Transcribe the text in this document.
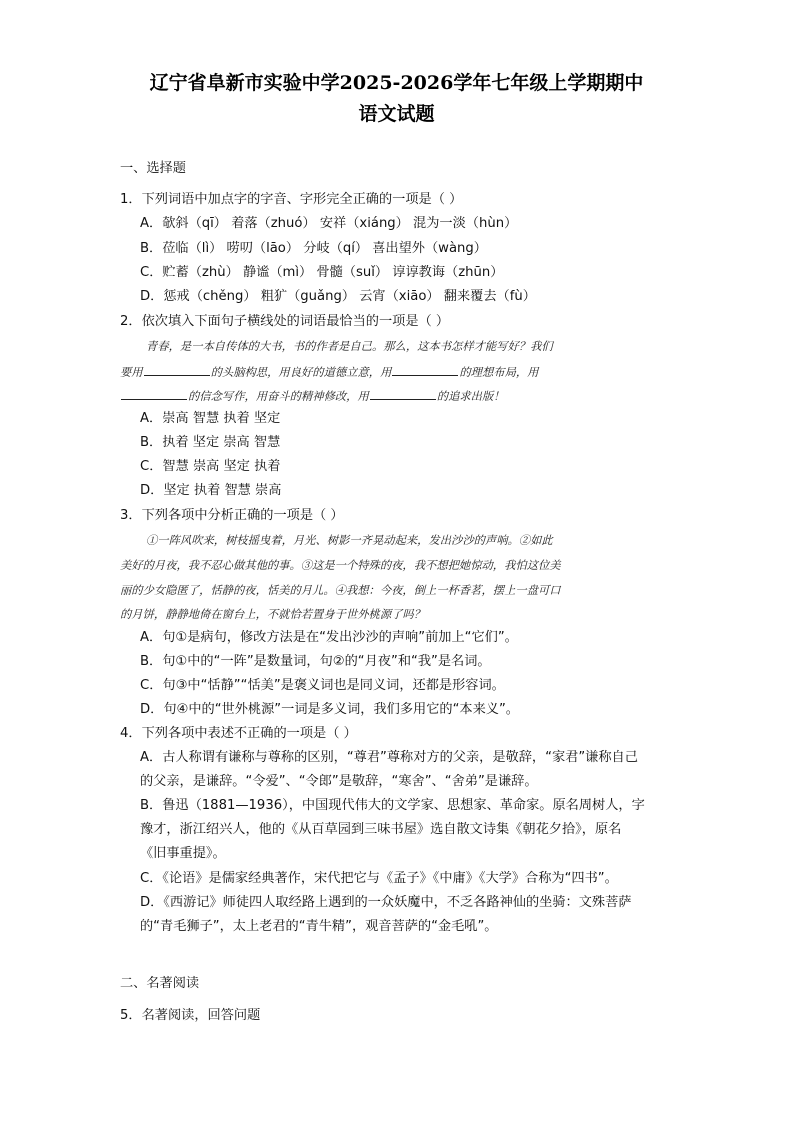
辽宁省阜新市实验中学2025-2026学年七年级上学期期中
语文试题
一、选择题
1．下列词语中加点字的字音、字形完全正确的一项是（ ）
A．欹斜（qī） 着落（zhuó） 安祥（xiáng） 混为一淡（hùn）
B．莅临（lì） 唠叨（lāo） 分岐（qí） 喜出望外（wàng）
C．贮蓄（zhù） 静谧（mì） 骨髓（suǐ） 谆谆教诲（zhūn）
D．惩戒（chěng） 粗犷（guǎng） 云宵（xiāo） 翻来覆去（fù）
2．依次填入下面句子横线处的词语最恰当的一项是（ ）
青春，是一本自传体的大书，书的作者是自己。那么，这本书怎样才能写好？我们
要用	的头脑构思，用良好的道德立意，用	的理想布局，用
的信念写作，用奋斗的精神修改，用	的追求出版！
A．崇高 智慧 执着 坚定
B．执着 坚定 崇高 智慧
C．智慧 崇高 坚定 执着
D．坚定 执着 智慧 崇高
3．下列各项中分析正确的一项是（ ）
①一阵风吹来，树枝摇曳着，月光、树影一齐晃动起来，发出沙沙的声响。②如此
美好的月夜，我不忍心做其他的事。③这是一个特殊的夜，我不想把她惊动，我怕这位美
丽的少女隐匿了，恬静的夜，恬美的月儿。④我想：今夜，倒上一杯香茗，摆上一盘可口
的月饼，静静地倚在窗台上，不就恰若置身于世外桃源了吗？
A．句①是病句，修改方法是在“发出沙沙的声响”前加上“它们”。
B．句①中的“一阵”是数量词，句②的“月夜”和“我”是名词。
C．句③中“恬静”“恬美”是褒义词也是同义词，还都是形容词。
D．句④中的“世外桃源”一词是多义词，我们多用它的“本来义”。
4．下列各项中表述不正确的一项是（ ）
A．古人称谓有谦称与尊称的区别，“尊君”尊称对方的父亲，是敬辞，“家君”谦称自己
的父亲，是谦辞。“令爱”、“令郎”是敬辞，“寒舍”、“舍弟”是谦辞。
B．鲁迅（1881—1936），中国现代伟大的文学家、思想家、革命家。原名周树人，字
豫才，浙江绍兴人，他的《从百草园到三味书屋》选自散文诗集《朝花夕拾》，原名
《旧事重提》。
C．《论语》是儒家经典著作，宋代把它与《孟子》《中庸》《大学》合称为“四书”。
D．《西游记》师徒四人取经路上遇到的一众妖魔中，不乏各路神仙的坐骑：文殊菩萨
的“青毛狮子”，太上老君的“青牛精”，观音菩萨的“金毛吼”。
二、名著阅读
5．名著阅读，回答问题
